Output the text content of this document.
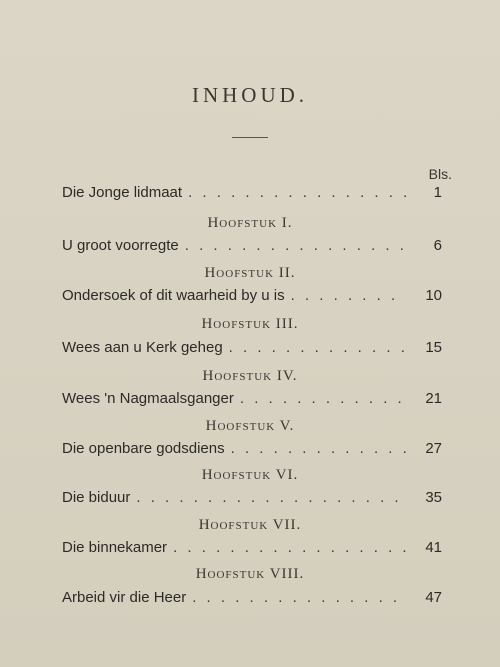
INHOUD.
Bls.
Die Jonge lidmaat . . .	1
Hoofstuk I.
U groot voorregte . . .	6
Hoofstuk II.
Ondersoek of dit waarheid by u is . . .	10
Hoofstuk III.
Wees aan u Kerk geheg . . .	15
Hoofstuk IV.
Wees 'n Nagmaalsganger . . .	21
Hoofstuk V.
Die openbare godsdiens . . .	27
Hoofstuk VI.
Die biduur . . .	35
Hoofstuk VII.
Die binnekamer . . .	41
Hoofstuk VIII.
Arbeid vir die Heer . . .	47
